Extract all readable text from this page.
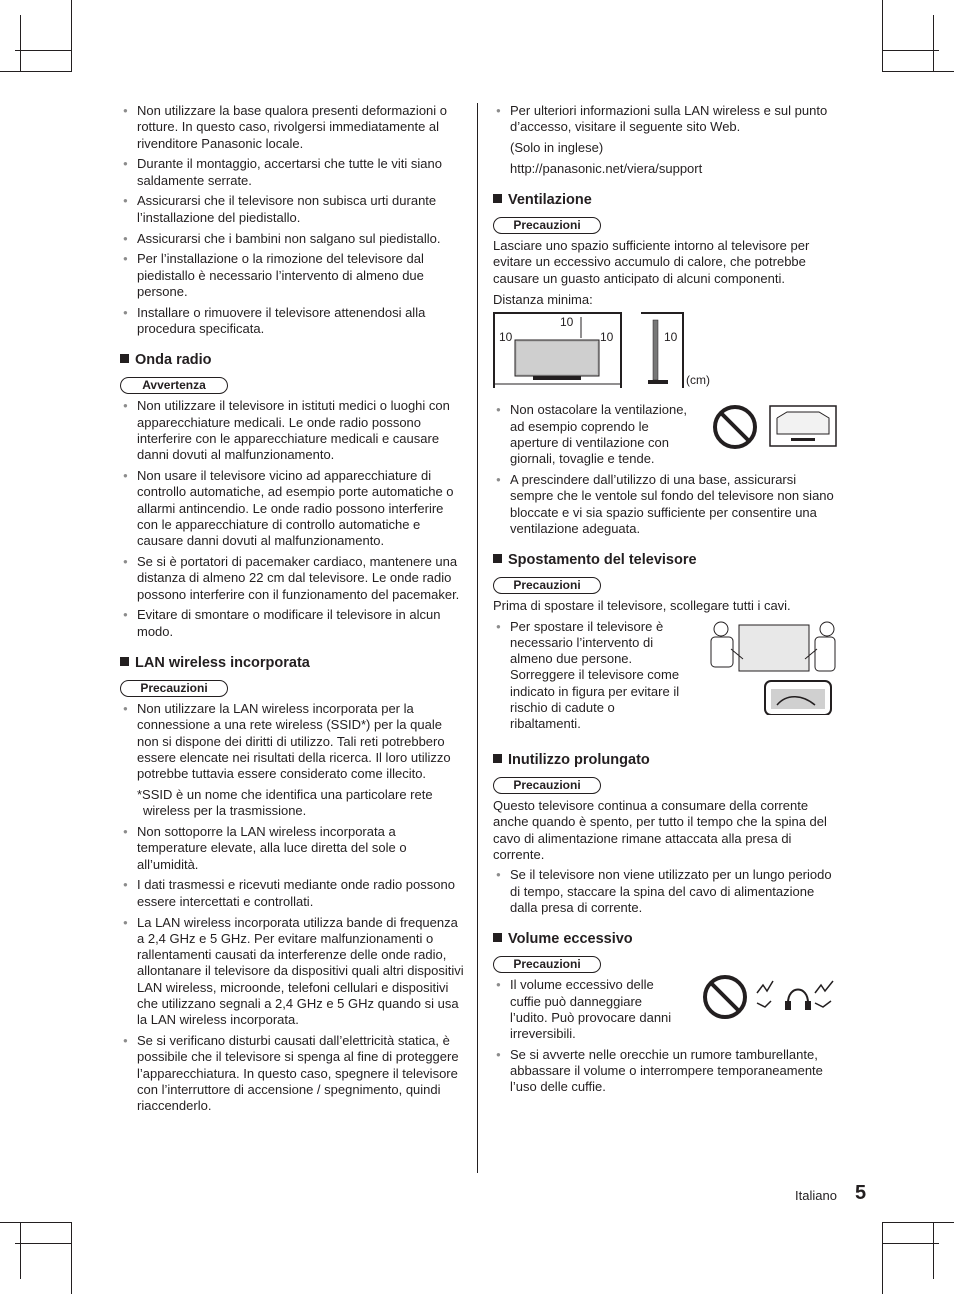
● Non utilizzare la base qualora presenti deformazioni o rotture. In questo caso, rivolgersi immediatamente al rivenditore Panasonic locale.
● Durante il montaggio, accertarsi che tutte le viti siano saldamente serrate.
● Assicurarsi che il televisore non subisca urti durante l’installazione del piedistallo.
● Assicurarsi che i bambini non salgano sul piedistallo.
● Per l’installazione o la rimozione del televisore dal piedistallo è necessario l’intervento di almeno due persone.
● Installare o rimuovere il televisore attenendosi alla procedura specificata.
Onda radio
Avvertenza
● Non utilizzare il televisore in istituti medici o luoghi con apparecchiature medicali. Le onde radio possono interferire con le apparecchiature medicali e causare danni dovuti al malfunzionamento.
● Non usare il televisore vicino ad apparecchiature di controllo automatiche, ad esempio porte automatiche o allarmi antincendio. Le onde radio possono interferire con le apparecchiature di controllo automatiche e causare danni dovuti al malfunzionamento.
● Se si è portatori di pacemaker cardiaco, mantenere una distanza di almeno 22 cm dal televisore. Le onde radio possono interferire con il funzionamento del pacemaker.
● Evitare di smontare o modificare il televisore in alcun modo.
LAN wireless incorporata
Precauzioni
● Non utilizzare la LAN wireless incorporata per la connessione a una rete wireless (SSID*) per la quale non si dispone dei diritti di utilizzo. Tali reti potrebbero essere elencate nei risultati della ricerca. Il loro utilizzo potrebbe tuttavia essere considerato come illecito.

*SSID è un nome che identifica una particolare rete wireless per la trasmissione.

● Non sottoporre la LAN wireless incorporata a temperature elevate, alla luce diretta del sole o all’umidità.
● I dati trasmessi e ricevuti mediante onde radio possono essere intercettati e controllati.
● La LAN wireless incorporata utilizza bande di frequenza a 2,4 GHz e 5 GHz. Per evitare malfunzionamenti o rallentamenti causati da interferenze delle onde radio, allontanare il televisore da dispositivi quali altri dispositivi LAN wireless, microonde, telefoni cellulari e dispositivi che utilizzano segnali a 2,4 GHz e 5 GHz quando si usa la LAN wireless incorporata.
● Se si verificano disturbi causati dall’elettricità statica, è possibile che il televisore si spenga al fine di proteggere l’apparecchiatura. In questo caso, spegnere il televisore con l’interruttore di accensione / spegnimento, quindi riaccenderlo.
● Per ulteriori informazioni sulla LAN wireless e sul punto d’accesso, visitare il seguente sito Web.

(Solo in inglese)

http://panasonic.net/viera/support

Ventilazione
Precauzioni

Lasciare uno spazio sufficiente intorno al televisore per evitare un eccessivo accumulo di calore, che potrebbe causare un guasto anticipato di alcuni componenti.

Distanza minima:

10
10	10	10
(cm)
● Non ostacolare la ventilazione, ad esempio coprendo le aperture di ventilazione con giornali, tovaglie e tende.
● A prescindere dall’utilizzo di una base, assicurarsi sempre che le ventole sul fondo del televisore non siano bloccate e vi sia spazio sufficiente per consentire una ventilazione adeguata.
Spostamento del televisore
Precauzioni

Prima di spostare il televisore, scollegare tutti i cavi.

● Per spostare il televisore è necessario l’intervento di almeno due persone. Sorreggere il televisore come indicato in figura per evitare il rischio di cadute o ribaltamenti.
Inutilizzo prolungato
Precauzioni

Questo televisore continua a consumare della corrente anche quando è spento, per tutto il tempo che la spina del cavo di alimentazione rimane attaccata alla presa di corrente.

● Se il televisore non viene utilizzato per un lungo periodo di tempo, staccare la spina del cavo di alimentazione dalla presa di corrente.
Volume eccessivo
Precauzioni
● Il volume eccessivo delle cuffie può danneggiare l’udito. Può provocare danni irreversibili.
● Se si avverte nelle orecchie un rumore tamburellante, abbassare il volume o interrompere temporaneamente l’uso delle cuffie.
Italiano 5
